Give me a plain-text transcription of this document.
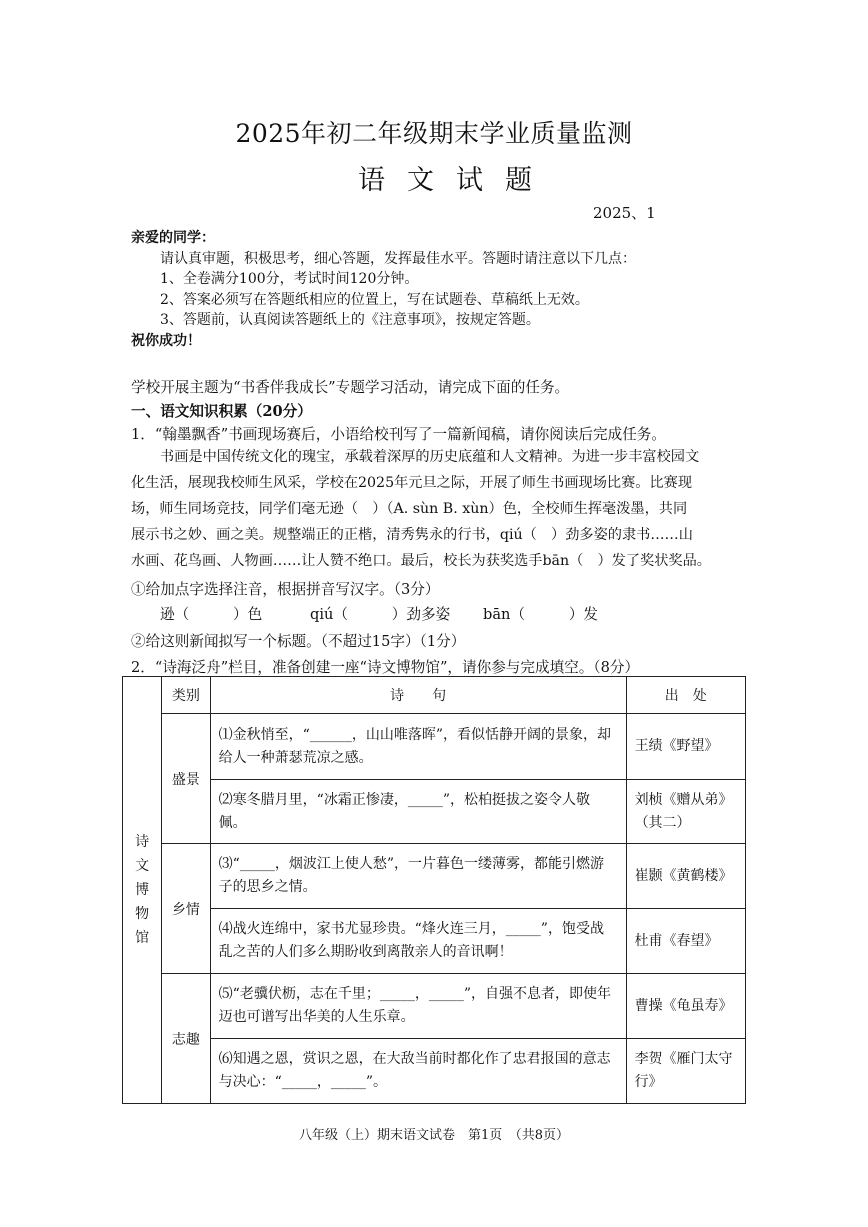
2025年初二年级期末学业质量监测
语文试题
2025、1
亲爱的同学：
请认真审题，积极思考，细心答题，发挥最佳水平。答题时请注意以下几点：
1、全卷满分100分，考试时间120分钟。
2、答案必须写在答题纸相应的位置上，写在试题卷、草稿纸上无效。
3、答题前，认真阅读答题纸上的《注意事项》，按规定答题。
祝你成功！
学校开展主题为“书香伴我成长”专题学习活动，请完成下面的任务。
一、语文知识积累（20分）
1．“翰墨飘香”书画现场赛后，小语给校刊写了一篇新闻稿，请你阅读后完成任务。
书画是中国传统文化的瑰宝，承载着深厚的历史底蕴和人文精神。为进一步丰富校园文
化生活，展现我校师生风采，学校在2025年元旦之际，开展了师生书画现场比赛。比赛现
场，师生同场竞技，同学们毫无逊（　）（A. sùn B. xùn）色，全校师生挥毫泼墨，共同
展示书之妙、画之美。规整端正的正楷，清秀隽永的行书，qiú（　）劲多姿的隶书……山
水画、花鸟画、人物画……让人赞不绝口。最后，校长为获奖选手bān（　）发了奖状奖品。
①给加点字选择注音，根据拼音写汉字。（3分）
逊（　　　）色	qiú（　　　）劲多姿 bān（　　　）发
②给这则新闻拟写一个标题。（不超过15字）（1分）
2．“诗海泛舟”栏目，准备创建一座“诗文博物馆”，请你参与完成填空。（8分）
诗
文
博
物
馆	类别	诗　　句	出　处
	盛景	⑴金秋悄至，“______，山山唯落晖”，看似恬静开阔的景象，却给人一种萧瑟荒凉之感。	王绩《野望》
		⑵寒冬腊月里，“冰霜正惨凄，_____”，松柏挺拔之姿令人敬佩。	刘桢《赠从弟》（其二）
	乡情	⑶“_____，烟波江上使人愁”，一片暮色一缕薄雾，都能引燃游子的思乡之情。	崔颢《黄鹤楼》
		⑷战火连绵中，家书尤显珍贵。“烽火连三月，_____”，饱受战乱之苦的人们多么期盼收到离散亲人的音讯啊！	杜甫《春望》
	志趣	⑸“老骥伏枥，志在千里；_____，_____”，自强不息者，即使年迈也可谱写出华美的人生乐章。	曹操《龟虽寿》
		⑹知遇之恩，赏识之恩，在大敌当前时都化作了忠君报国的意志与决心：“_____，_____”。	李贺《雁门太守行》
八年级（上）期末语文试卷　第1页　（共8页）
